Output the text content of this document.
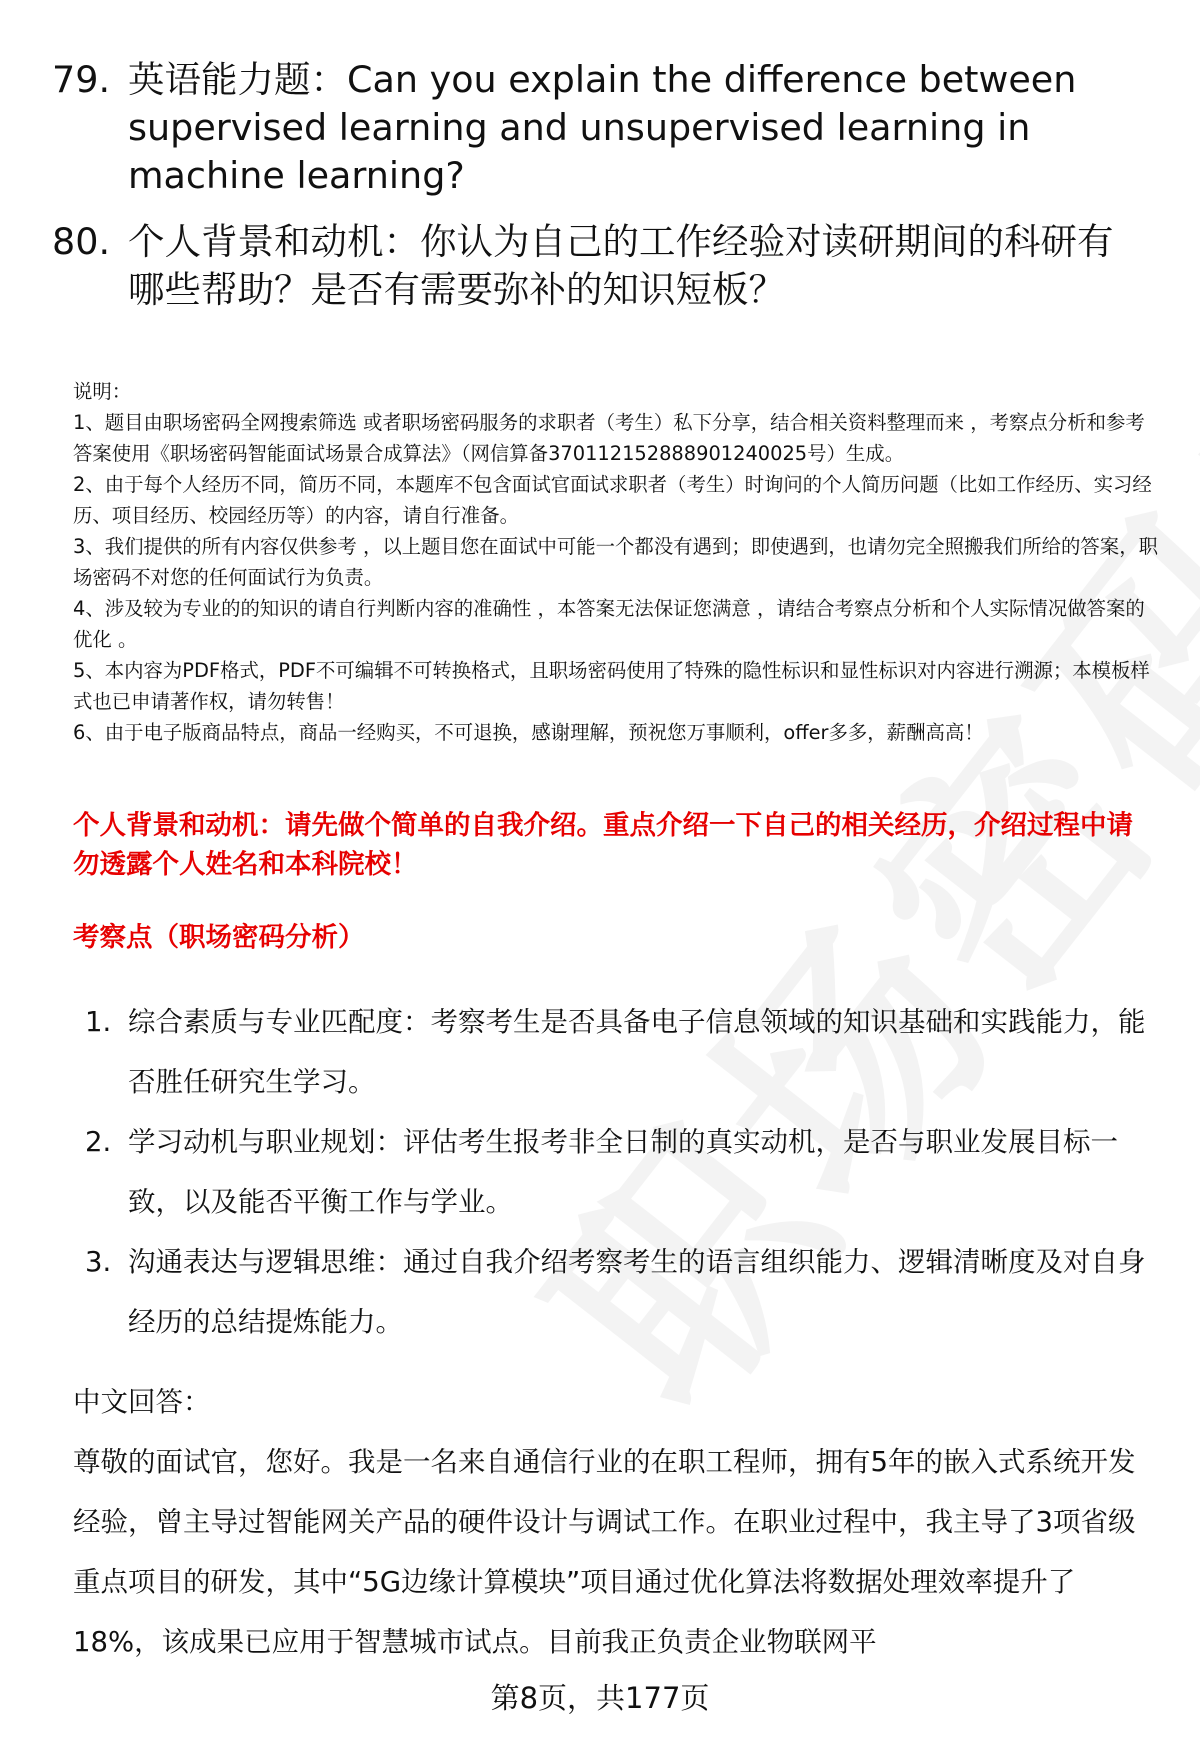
79. 英语能力题：Can you explain the difference between supervised learning and unsupervised learning in machine learning?
80. 个人背景和动机：你认为自己的工作经验对读研期间的科研有哪些帮助？是否有需要弥补的知识短板？

说明：

1、题目由职场密码全网搜索筛选 或者职场密码服务的求职者（考生）私下分享，结合相关资料整理而来 ，考察点分析和参考答案使用《职场密码智能面试场景合成算法》（网信算备370112152888901240025号）生成。

2、由于每个人经历不同，简历不同，本题库不包含面试官面试求职者（考生）时询问的个人简历问题（比如工作经历、实习经历、项目经历、校园经历等）的内容，请自行准备。

3、我们提供的所有内容仅供参考 ，以上题目您在面试中可能一个都没有遇到；即使遇到，也请勿完全照搬我们所给的答案，职场密码不对您的任何面试行为负责。

4、涉及较为专业的的知识的请自行判断内容的准确性 ，本答案无法保证您满意 ，请结合考察点分析和个人实际情况做答案的优化 。

5、本内容为PDF格式，PDF不可编辑不可转换格式，且职场密码使用了特殊的隐性标识和显性标识对内容进行溯源；本模板样式也已申请著作权，请勿转售！

6、由于电子版商品特点，商品一经购买，不可退换，感谢理解，预祝您万事顺利，offer多多，薪酬高高！

个人背景和动机：请先做个简单的自我介绍。重点介绍一下自己的相关经历，介绍过程中请勿透露个人姓名和本科院校！
考察点（职场密码分析）
1. 综合素质与专业匹配度：考察考生是否具备电子信息领域的知识基础和实践能力，能否胜任研究生学习。
2. 学习动机与职业规划：评估考生报考非全日制的真实动机，是否与职业发展目标一致，以及能否平衡工作与学业。
3. 沟通表达与逻辑思维：通过自我介绍考察考生的语言组织能力、逻辑清晰度及对自身经历的总结提炼能力。

中文回答：

尊敬的面试官，您好。我是一名来自通信行业的在职工程师，拥有5年的嵌入式系统开发经验，曾主导过智能网关产品的硬件设计与调试工作。在职业过程中，我主导了3项省级重点项目的研发，其中“5G边缘计算模块”项目通过优化算法将数据处理效率提升了18%，该成果已应用于智慧城市试点。目前我正负责企业物联网平

第8页，共177页
